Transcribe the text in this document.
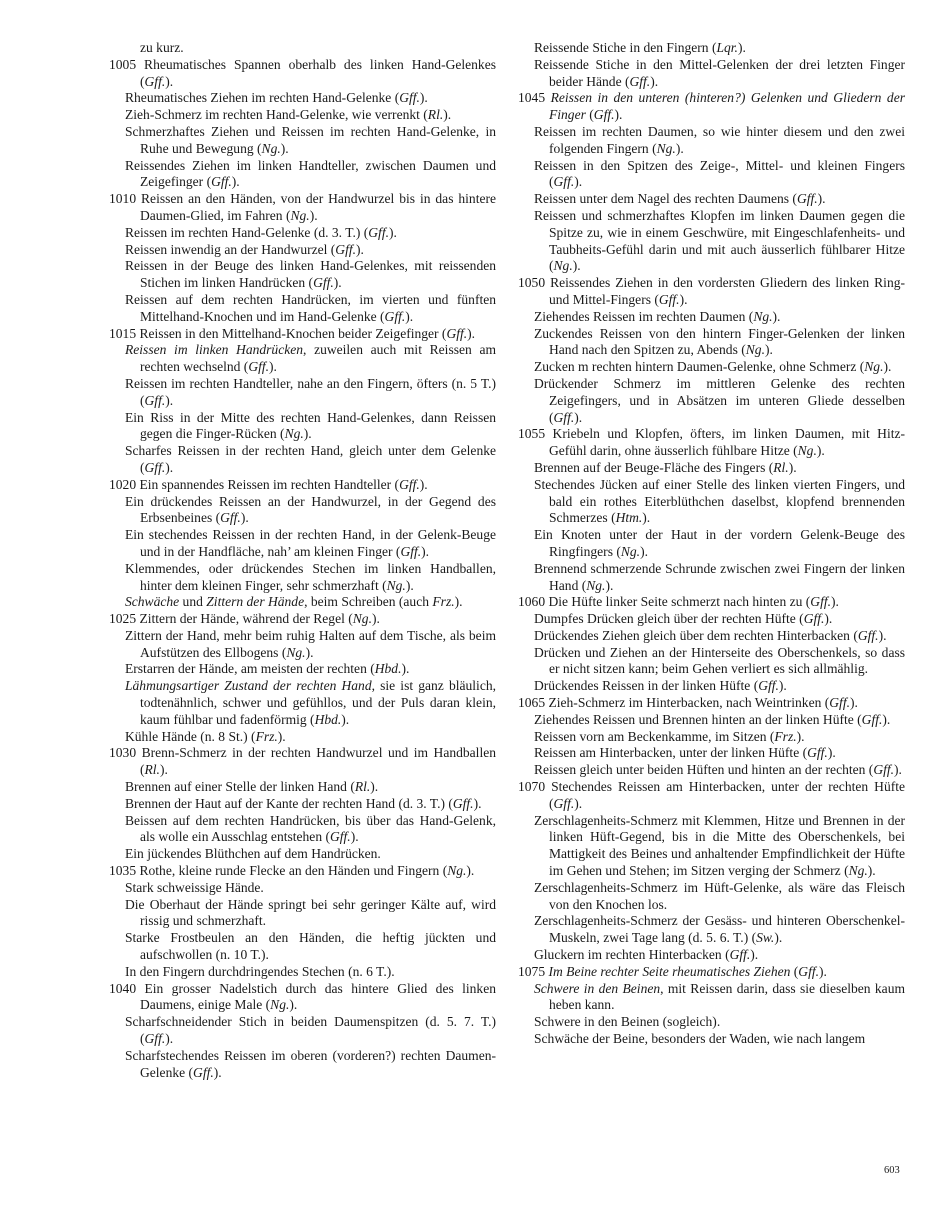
zu kurz.

1005 Rheumatisches Spannen oberhalb des linken Hand-Gelenkes (Gff.).

Rheumatisches Ziehen im rechten Hand-Gelenke (Gff.).

Zieh-Schmerz im rechten Hand-Gelenke, wie verrenkt (Rl.).

Schmerzhaftes Ziehen und Reissen im rechten Hand-Gelenke, in Ruhe und Bewegung (Ng.).

Reissendes Ziehen im linken Handteller, zwischen Daumen und Zeigefinger (Gff.).

1010 Reissen an den Händen, von der Handwurzel bis in das hintere Daumen-Glied, im Fahren (Ng.).

Reissen im rechten Hand-Gelenke (d. 3. T.) (Gff.).

Reissen inwendig an der Handwurzel (Gff.).

Reissen in der Beuge des linken Hand-Gelenkes, mit reissenden Stichen im linken Handrücken (Gff.).

Reissen auf dem rechten Handrücken, im vierten und fünften Mittelhand-Knochen und im Hand-Gelenke (Gff.).

1015 Reissen in den Mittelhand-Knochen beider Zeigefinger (Gff.).

Reissen im linken Handrücken, zuweilen auch mit Reissen am rechten wechselnd (Gff.).

Reissen im rechten Handteller, nahe an den Fingern, öfters (n. 5 T.) (Gff.).

Ein Riss in der Mitte des rechten Hand-Gelenkes, dann Reissen gegen die Finger-Rücken (Ng.).

Scharfes Reissen in der rechten Hand, gleich unter dem Gelenke (Gff.).

1020 Ein spannendes Reissen im rechten Handteller (Gff.).

Ein drückendes Reissen an der Handwurzel, in der Gegend des Erbsenbeines (Gff.).

Ein stechendes Reissen in der rechten Hand, in der Gelenk-Beuge und in der Handfläche, nah’ am kleinen Finger (Gff.).

Klemmendes, oder drückendes Stechen im linken Handballen, hinter dem kleinen Finger, sehr schmerzhaft (Ng.).

Schwäche und Zittern der Hände, beim Schreiben (auch Frz.).

1025 Zittern der Hände, während der Regel (Ng.).

Zittern der Hand, mehr beim ruhig Halten auf dem Tische, als beim Aufstützen des Ellbogens (Ng.).

Erstarren der Hände, am meisten der rechten (Hbd.).

Lähmungsartiger Zustand der rechten Hand, sie ist ganz bläulich, todtenähnlich, schwer und gefühllos, und der Puls daran klein, kaum fühlbar und fadenförmig (Hbd.).

Kühle Hände (n. 8 St.) (Frz.).

1030 Brenn-Schmerz in der rechten Handwurzel und im Handballen (Rl.).

Brennen auf einer Stelle der linken Hand (Rl.).

Brennen der Haut auf der Kante der rechten Hand (d. 3. T.) (Gff.).

Beissen auf dem rechten Handrücken, bis über das Hand-Gelenk, als wolle ein Ausschlag entstehen (Gff.).

Ein jückendes Blüthchen auf dem Handrücken.

1035 Rothe, kleine runde Flecke an den Händen und Fingern (Ng.).

Stark schweissige Hände.

Die Oberhaut der Hände springt bei sehr geringer Kälte auf, wird rissig und schmerzhaft.

Starke Frostbeulen an den Händen, die heftig jückten und aufschwollen (n. 10 T.).

In den Fingern durchdringendes Stechen (n. 6 T.).

1040 Ein grosser Nadelstich durch das hintere Glied des linken Daumens, einige Male (Ng.).

Scharfschneidender Stich in beiden Daumenspitzen (d. 5. 7. T.) (Gff.).

Scharfstechendes Reissen im oberen (vorderen?) rechten Daumen-Gelenke (Gff.).

Reissende Stiche in den Fingern (Lqr.).

Reissende Stiche in den Mittel-Gelenken der drei letzten Finger beider Hände (Gff.).

1045 Reissen in den unteren (hinteren?) Gelenken und Gliedern der Finger (Gff.).

Reissen im rechten Daumen, so wie hinter diesem und den zwei folgenden Fingern (Ng.).

Reissen in den Spitzen des Zeige-, Mittel- und kleinen Fingers (Gff.).

Reissen unter dem Nagel des rechten Daumens (Gff.).

Reissen und schmerzhaftes Klopfen im linken Daumen gegen die Spitze zu, wie in einem Geschwüre, mit Eingeschlafenheits- und Taubheits-Gefühl darin und mit auch äusserlich fühlbarer Hitze (Ng.).

1050 Reissendes Ziehen in den vordersten Gliedern des linken Ring- und Mittel-Fingers (Gff.).

Ziehendes Reissen im rechten Daumen (Ng.).

Zuckendes Reissen von den hintern Finger-Gelenken der linken Hand nach den Spitzen zu, Abends (Ng.).

Zucken m rechten hintern Daumen-Gelenke, ohne Schmerz (Ng.).

Drückender Schmerz im mittleren Gelenke des rechten Zeigefingers, und in Absätzen im unteren Gliede desselben (Gff.).

1055 Kriebeln und Klopfen, öfters, im linken Daumen, mit Hitz-Gefühl darin, ohne äusserlich fühlbare Hitze (Ng.).

Brennen auf der Beuge-Fläche des Fingers (Rl.).

Stechendes Jücken auf einer Stelle des linken vierten Fingers, und bald ein rothes Eiterblüthchen daselbst, klopfend brennenden Schmerzes (Htm.).

Ein Knoten unter der Haut in der vordern Gelenk-Beuge des Ringfingers (Ng.).

Brennend schmerzende Schrunde zwischen zwei Fingern der linken Hand (Ng.).

1060 Die Hüfte linker Seite schmerzt nach hinten zu (Gff.).

Dumpfes Drücken gleich über der rechten Hüfte (Gff.).

Drückendes Ziehen gleich über dem rechten Hinterbacken (Gff.).

Drücken und Ziehen an der Hinterseite des Oberschenkels, so dass er nicht sitzen kann; beim Gehen verliert es sich allmählig.

Drückendes Reissen in der linken Hüfte (Gff.).

1065 Zieh-Schmerz im Hinterbacken, nach Weintrinken (Gff.).

Ziehendes Reissen und Brennen hinten an der linken Hüfte (Gff.).

Reissen vorn am Beckenkamme, im Sitzen (Frz.).

Reissen am Hinterbacken, unter der linken Hüfte (Gff.).

Reissen gleich unter beiden Hüften und hinten an der rechten (Gff.).

1070 Stechendes Reissen am Hinterbacken, unter der rechten Hüfte (Gff.).

Zerschlagenheits-Schmerz mit Klemmen, Hitze und Brennen in der linken Hüft-Gegend, bis in die Mitte des Oberschenkels, bei Mattigkeit des Beines und anhaltender Empfindlichkeit der Hüfte im Gehen und Stehen; im Sitzen verging der Schmerz (Ng.).

Zerschlagenheits-Schmerz im Hüft-Gelenke, als wäre das Fleisch von den Knochen los.

Zerschlagenheits-Schmerz der Gesäss- und hinteren Oberschenkel-Muskeln, zwei Tage lang (d. 5. 6. T.) (Sw.).

Gluckern im rechten Hinterbacken (Gff.).

1075 Im Beine rechter Seite rheumatisches Ziehen (Gff.).

Schwere in den Beinen, mit Reissen darin, dass sie dieselben kaum heben kann.

Schwere in den Beinen (sogleich).

Schwäche der Beine, besonders der Waden, wie nach langem

603
